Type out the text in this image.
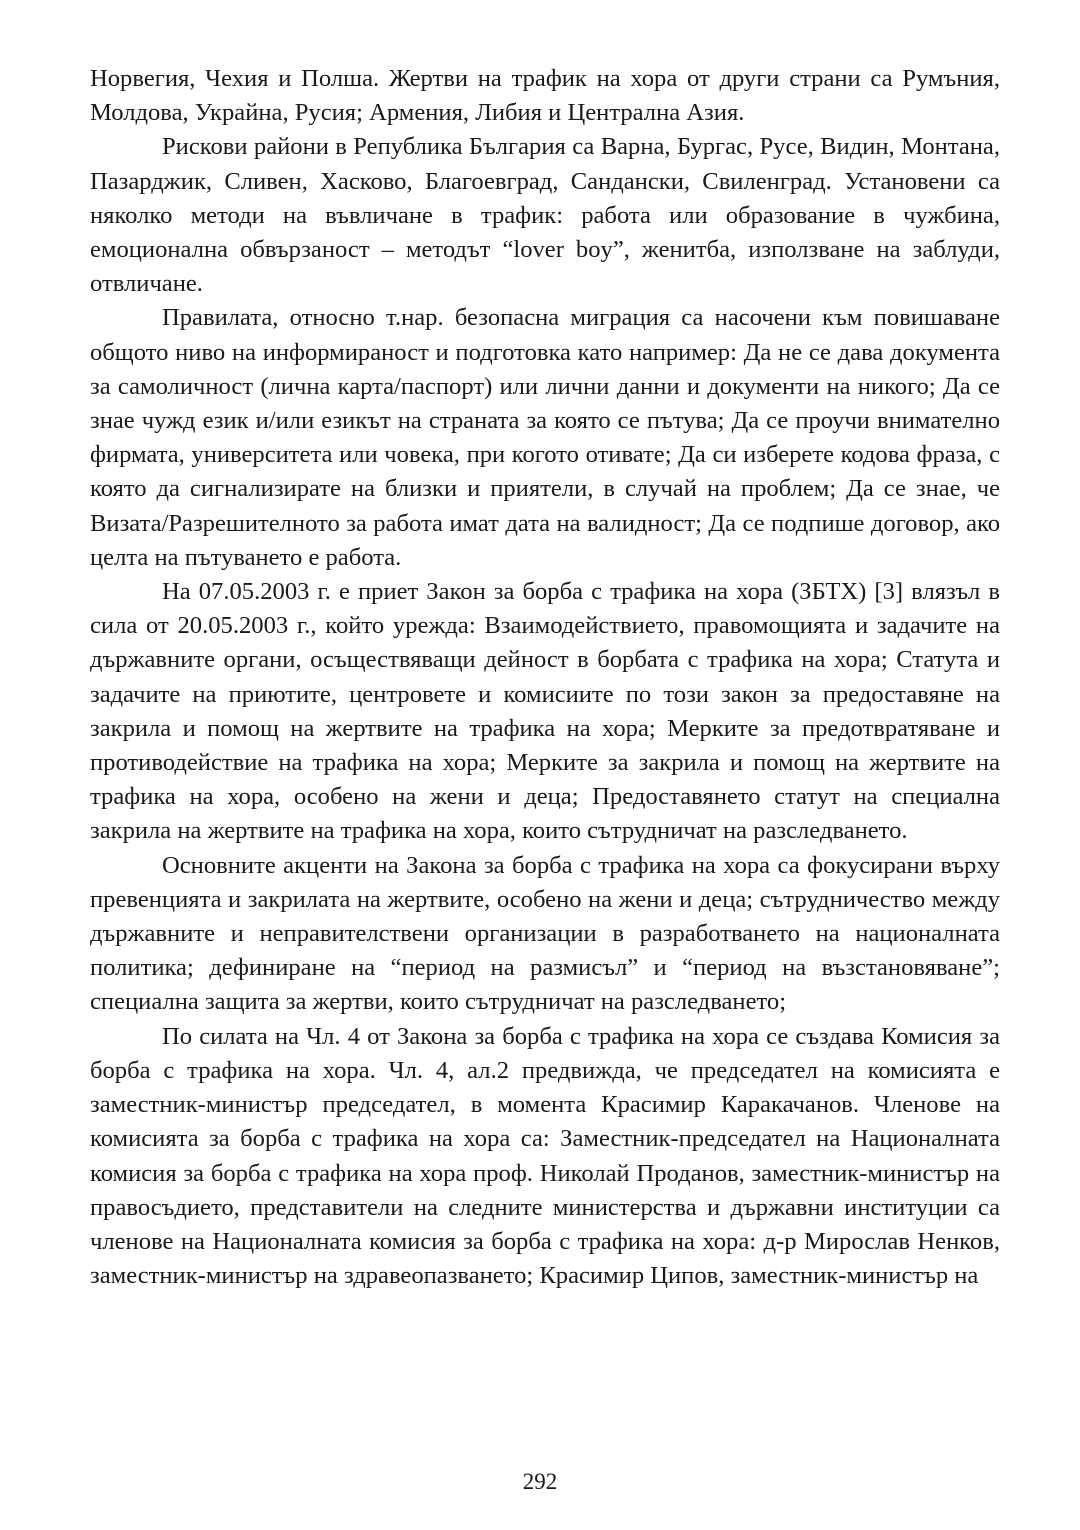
Норвегия, Чехия и Полша. Жертви на трафик на хора от други страни са Румъния, Молдова, Украйна, Русия; Армения, Либия и Централна Азия.

Рискови райони в Република България са Варна, Бургас, Русе, Видин, Монтана, Пазарджик, Сливен, Хасково, Благоевград, Сандански, Свиленград. Установени са няколко методи на въвличане в трафик: работа или образование в чужбина, емоционална обвързаност – методът “lover boy”, женитба, използване на заблуди, отвличане.

Правилата, относно т.нар. безопасна миграция са насочени към повишаване общото ниво на информираност и подготовка като например: Да не се дава документа за самоличност (лична карта/паспорт) или лични данни и документи на никого; Да се знае чужд език и/или езикът на страната за която се пътува; Да се проучи внимателно фирмата, университета или човека, при когото отивате; Да си изберете кодова фраза, с която да сигнализирате на близки и приятели, в случай на проблем; Да се знае, че Визата/Разрешителното за работа имат дата на валидност; Да се подпише договор, ако целта на пътуването е работа.

На 07.05.2003 г. е приет Закон за борба с трафика на хора (ЗБТХ) [3] влязъл в сила от 20.05.2003 г., който урежда: Взаимодействието, правомощията и задачите на държавните органи, осъществяващи дейност в борбата с трафика на хора; Статута и задачите на приютите, центровете и комисиите по този закон за предоставяне на закрила и помощ на жертвите на трафика на хора; Мерките за предотвратяване и противодействие на трафика на хора; Мерките за закрила и помощ на жертвите на трафика на хора, особено на жени и деца; Предоставянето статут на специална закрила на жертвите на трафика на хора, които сътрудничат на разследването.

Основните акценти на Закона за борба с трафика на хора са фокусирани върху превенцията и закрилата на жертвите, особено на жени и деца; сътрудничество между държавните и неправителствени организации в разработването на националната политика; дефиниране на “период на размисъл” и “период на възстановяване”; специална защита за жертви, които сътрудничат на разследването;

По силата на Чл. 4 от Закона за борба с трафика на хора се създава Комисия за борба с трафика на хора. Чл. 4, ал.2 предвижда, че председател на комисията е заместник-министър председател, в момента Красимир Каракачанов. Членове на комисията за борба с трафика на хора са: Заместник-председател на Националната комисия за борба с трафика на хора проф. Николай Проданов, заместник-министър на правосъдието, представители на следните министерства и държавни институции са членове на Националната комисия за борба с трафика на хора: д-р Мирослав Ненков, заместник-министър на здравеопазването; Красимир Ципов, заместник-министър на

292
